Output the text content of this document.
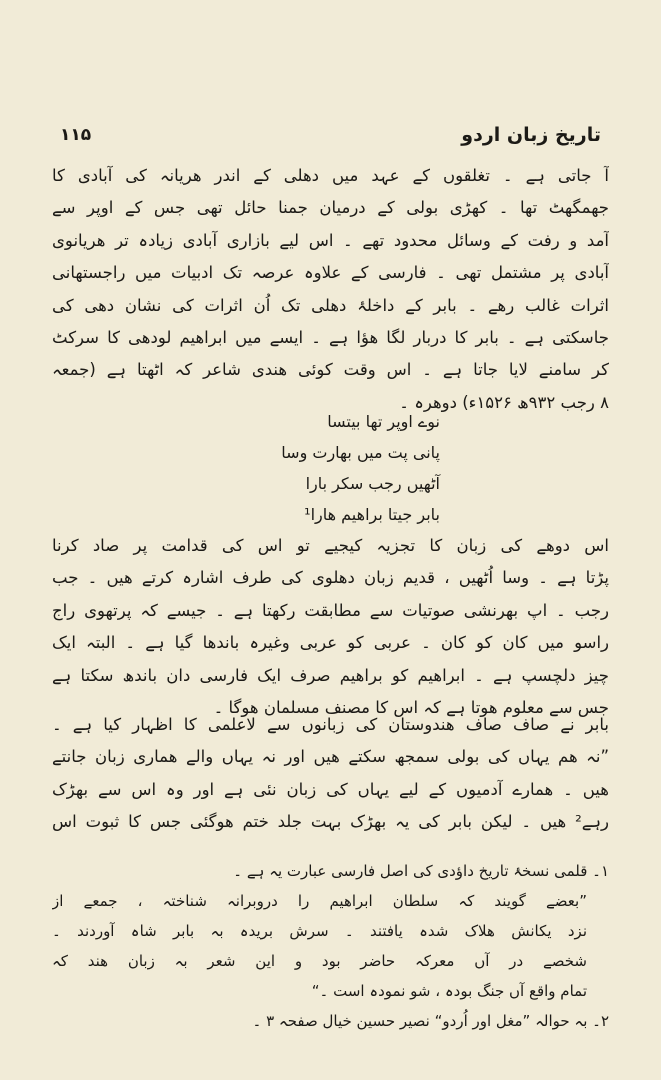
۱۱۵	تاریخ زبان اردو
آ جاتی ہے ۔ تغلقوں کے عہد میں دھلی کے اندر ھریانہ کی آبادی کا
جھمگھٹ تھا ۔ کھڑی بولی کے درمیان جمنا حائل تھی جس کے اوپر سے
آمد و رفت کے وسائل محدود تھے ۔ اس لیے بازاری آبادی زیادہ تر ھریانوی
آبادی پر مشتمل تھی ۔ فارسی کے علاوہ عرصہ تک ادبیات میں راجستھانی
اثرات غالب رھے ۔ بابر کے داخلۂ دھلی تک اُن اثرات کی نشان دھی کی
جاسکتی ہے ۔ بابر کا دربار لگا ھؤا ہے ۔ ایسے میں ابراھیم لودھی کا سرکٹ
کر سامنے لایا جاتا ہے ۔ اس وقت کوئی ھندی شاعر کہ اٹھتا ہے (جمعہ
۸ رجب ۹۳۲ھ ۱۵۲۶ء) دوھرہ ۔
نوے اوپر تھا بیتسا
پانی پت میں بھارت وسا
آٹھیں رجب سکر بارا
بابر جیتا براھیم ھارا¹
اس دوھے کی زبان کا تجزیہ کیجیے تو اس کی قدامت پر صاد کرنا
پڑتا ہے ۔ وسا اُٹھیں ، قدیم زبان دھلوی کی طرف اشارہ کرتے ھیں ۔ جب
رجب ۔ اپ بھرنشی صوتیات سے مطابقت رکھتا ہے ۔ جیسے کہ پرتھوی راج
راسو میں کان کو کان ۔ عربی کو عربی وغیرہ باندھا گیا ہے ۔ البتہ ایک
چیز دلچسپ ہے ۔ ابراھیم کو براھیم صرف ایک فارسی دان باندھ سکتا ہے
جس سے معلوم ھوتا ہے کہ اس کا مصنف مسلمان ھوگا ۔
بابر نے صاف صاف ھندوستان کی زبانوں سے لاعلمی کا اظہار کیا ہے ۔
”نہ ھم یہاں کی بولی سمجھ سکتے ھیں اور نہ یہاں والے ھماری زبان جانتے
ھیں ۔ ھمارے آدمیوں کے لیے یہاں کی زبان نئی ہے اور وہ اس سے بھڑک
رہے² ھیں ۔ لیکن بابر کی یہ بھڑک بہت جلد ختم ھوگئی جس کا ثبوت اس
۱۔ قلمی نسخۂ تاریخ داؤدی کی اصل فارسی عبارت یہ ہے ۔
”بعضے گویند کہ سلطان ابراھیم را دروبرانہ شناختہ ، جمعے از
نزد یکانش ھلاک شدہ یافتند ۔ سرش بریدہ بہ بابر شاہ آوردند ۔
شخصے در آں معرکہ حاضر بود و این شعر بہ زبان ھند کہ
تمام واقع آں جنگ بودہ ، شو نمودہ است ۔“
۲۔ بہ حوالہ ”مغل اور اُردو“ نصیر حسین خیال صفحہ ۳ ۔
